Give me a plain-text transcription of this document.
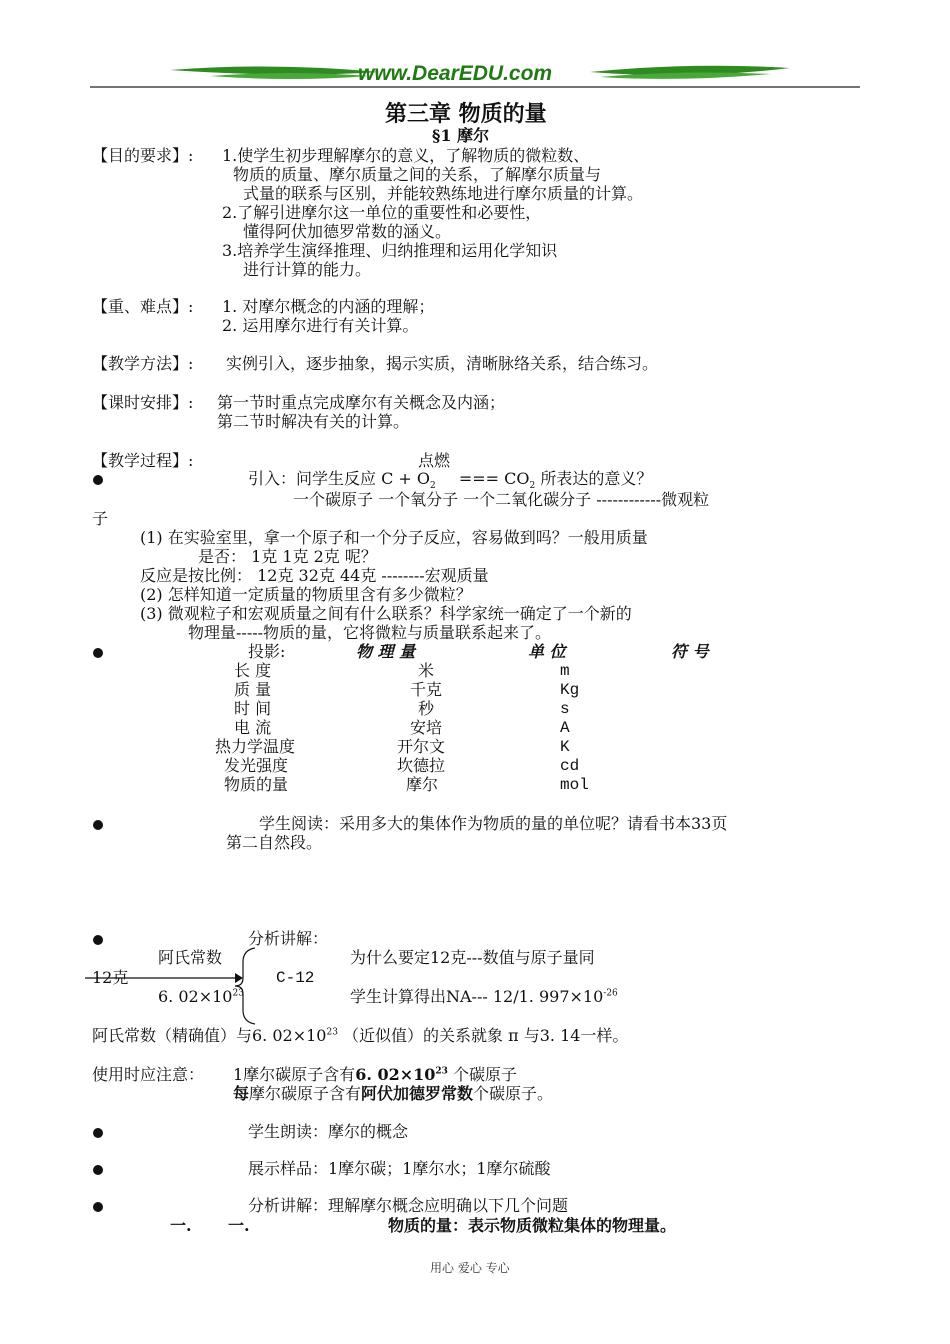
www.DearEDU.com
第三章 物质的量
§1 摩尔
【目的要求】: 1.使学生初步理解摩尔的意义，了解物质的微粒数、
物质的质量、摩尔质量之间的关系，了解摩尔质量与
式量的联系与区别，并能较熟练地进行摩尔质量的计算。
2.了解引进摩尔这一单位的重要性和必要性，
懂得阿伏加德罗常数的涵义。
3.培养学生演绎推理、归纳推理和运用化学知识
进行计算的能力。
【重、难点】: 1. 对摩尔概念的内涵的理解；
2. 运用摩尔进行有关计算。
【教学方法】: 实例引入，逐步抽象，揭示实质，清晰脉络关系，结合练习。
【课时安排】: 第一节时重点完成摩尔有关概念及内涵；
第二节时解决有关的计算。
【教学过程】:	点燃
引入：问学生反应 $C + O_2$ === $CO_2$ 所表达的意义？
一个碳原子 一个氧分子 一个二氧化碳分子 ------------微观粒
子
(1) 在实验室里，拿一个原子和一个分子反应，容易做到吗？一般用质量
是否： 1克 1克 2克 呢？
反应是按比例： 12克 32克 44克 --------宏观质量
(2) 怎样知道一定质量的物质里含有多少微粒？
(3) 微观粒子和宏观质量之间有什么联系？科学家统一确定了一个新的
物理量-----物质的量，它将微粒与质量联系起来了。
投影:	物 理 量	单 位	符 号
长 度	米	m
质 量	千克	Kg
时 间	秒	s
电 流	安培	A
热力学温度	开尔文	K
发光强度	坎德拉	cd
物质的量	摩尔	mol
学生阅读：采用多大的集体作为物质的量的单位呢？请看书本33页
第二自然段。
分析讲解：
阿氏常数	为什么要定12克---数值与原子量同
12克	C-12
6. $02\times 10^{23}$	学生计算得出NA--- 12/1. $997\times 10^{-26}$
阿氏常数（精确值）与6. $02\times 10^{23}$ （近似值）的关系就象 π 与3. 14一样。
使用时应注意： 1摩尔碳原子含有6. $02\times 10^{23}$ 个碳原子
每摩尔碳原子含有阿伏加德罗常数个碳原子。
学生朗读：摩尔的概念
展示样品：1摩尔碳；1摩尔水；1摩尔硫酸
分析讲解：理解摩尔概念应明确以下几个问题
一. 一.	物质的量：表示物质微粒集体的物理量。
用心 爱心 专心
